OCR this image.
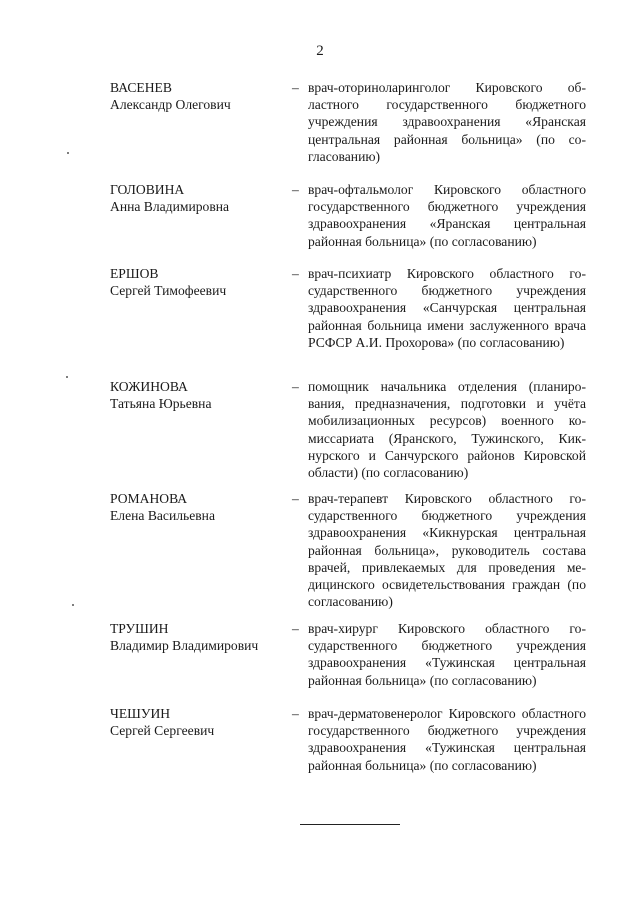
2
ВАСЕНЕВ
Александр Олегович
– врач-оториноларинголог Кировского областного государственного бюджетного учреждения здравоохранения «Яранская центральная районная больница» (по согласованию)
ГОЛОВИНА
Анна Владимировна
– врач-офтальмолог Кировского областного государственного бюджетного учреждения здравоохранения «Яранская центральная районная больница» (по согласованию)
ЕРШОВ
Сергей Тимофеевич
– врач-психиатр Кировского областного государственного бюджетного учреждения здравоохранения «Санчурская центральная районная больница имени заслуженного врача РСФСР А.И. Прохорова» (по согласованию)
КОЖИНОВА
Татьяна Юрьевна
– помощник начальника отделения (планирования, предназначения, подготовки и учёта мобилизационных ресурсов) военного комиссариата (Яранского, Тужинского, Кикнурского и Санчурского районов Кировской области) (по согласованию)
РОМАНОВА
Елена Васильевна
– врач-терапевт Кировского областного государственного бюджетного учреждения здравоохранения «Кикнурская центральная районная больница», руководитель состава врачей, привлекаемых для проведения медицинского освидетельствования граждан (по согласованию)
ТРУШИН
Владимир Владимирович
– врач-хирург Кировского областного государственного бюджетного учреждения здравоохранения «Тужинская центральная районная больница» (по согласованию)
ЧЕШУИН
Сергей Сергеевич
– врач-дерматовенеролог Кировского областного государственного бюджетного учреждения здравоохранения «Тужинская центральная районная больница» (по согласованию)
